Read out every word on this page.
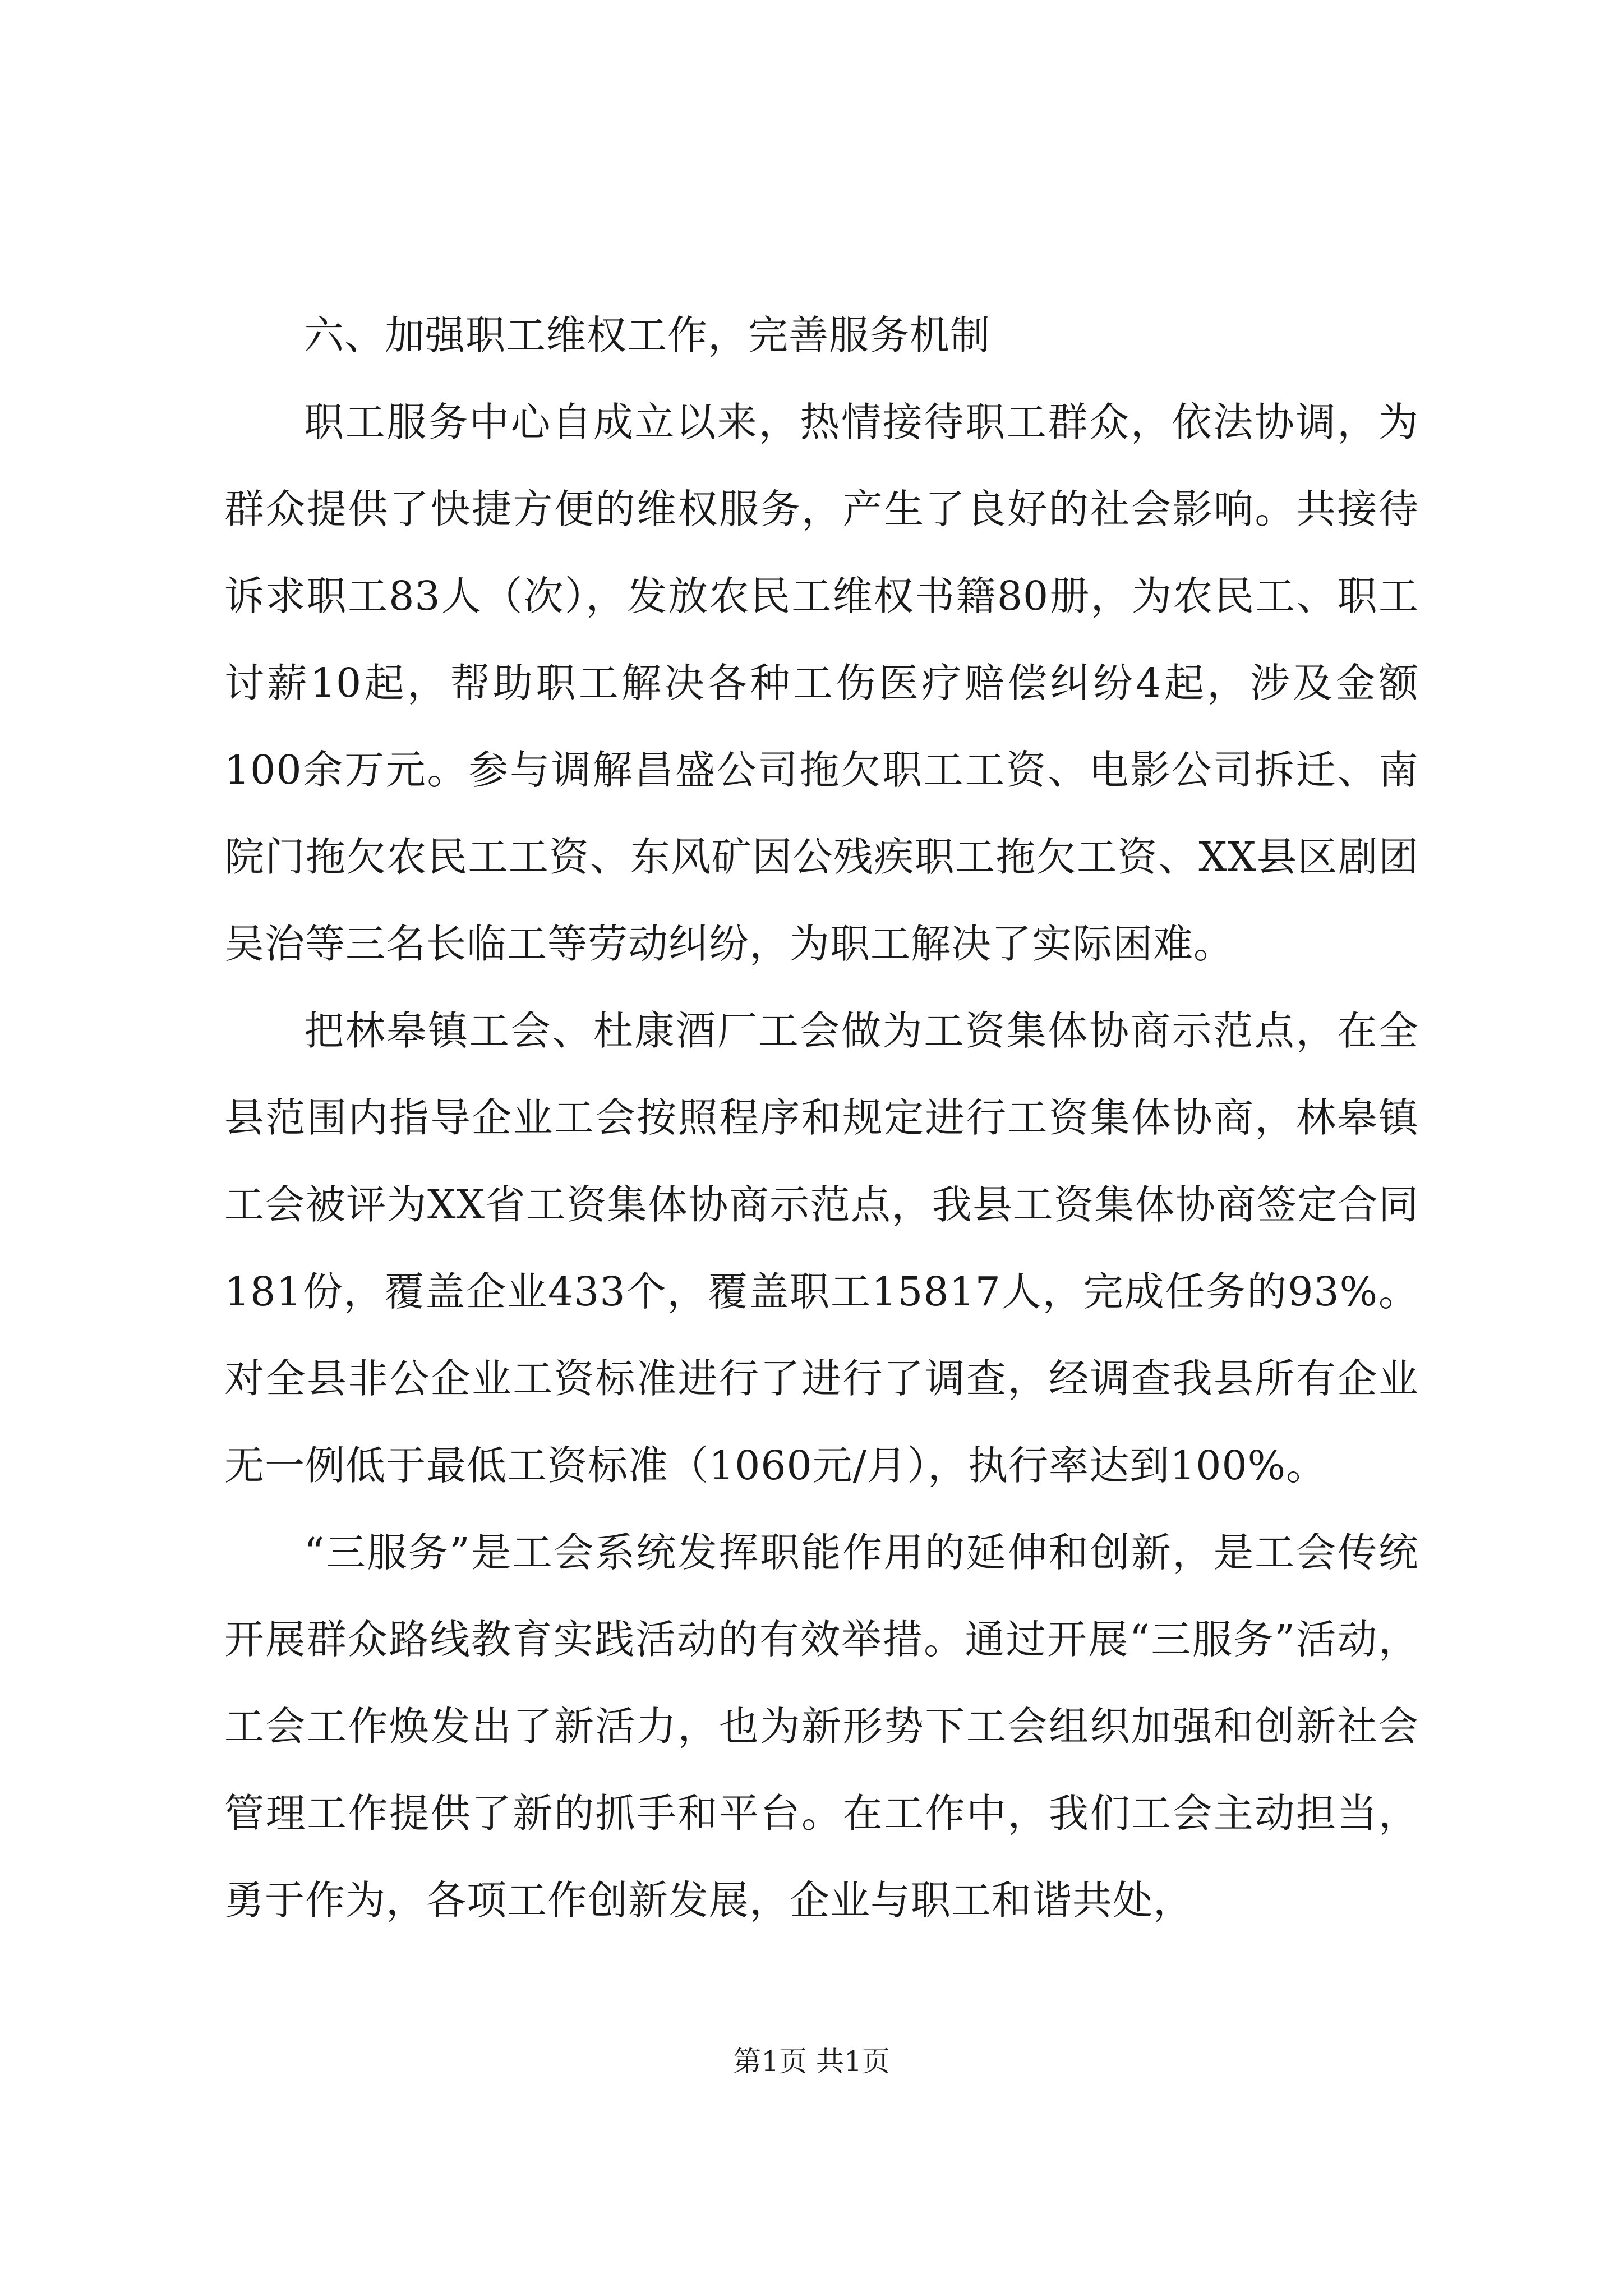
六、加强职工维权工作，完善服务机制

职工服务中心自成立以来，热情接待职工群众，依法协调，为群众提供了快捷方便的维权服务，产生了良好的社会影响。共接待诉求职工83人（次），发放农民工维权书籍80册，为农民工、职工讨薪10起，帮助职工解决各种工伤医疗赔偿纠纷4起，涉及金额100余万元。参与调解昌盛公司拖欠职工工资、电影公司拆迁、南院门拖欠农民工工资、东风矿因公残疾职工拖欠工资、XX县区剧团吴治等三名长临工等劳动纠纷，为职工解决了实际困难。

把林皋镇工会、杜康酒厂工会做为工资集体协商示范点，在全县范围内指导企业工会按照程序和规定进行工资集体协商，林皋镇工会被评为XX省工资集体协商示范点，我县工资集体协商签定合同181份，覆盖企业433个，覆盖职工15817人，完成任务的93%。对全县非公企业工资标准进行了进行了调查，经调查我县所有企业无一例低于最低工资标准（1060元/月），执行率达到100%。

“三服务”是工会系统发挥职能作用的延伸和创新，是工会传统开展群众路线教育实践活动的有效举措。通过开展“三服务”活动，工会工作焕发出了新活力，也为新形势下工会组织加强和创新社会管理工作提供了新的抓手和平台。在工作中，我们工会主动担当，勇于作为，各项工作创新发展，企业与职工和谐共处，

第1页 共1页
